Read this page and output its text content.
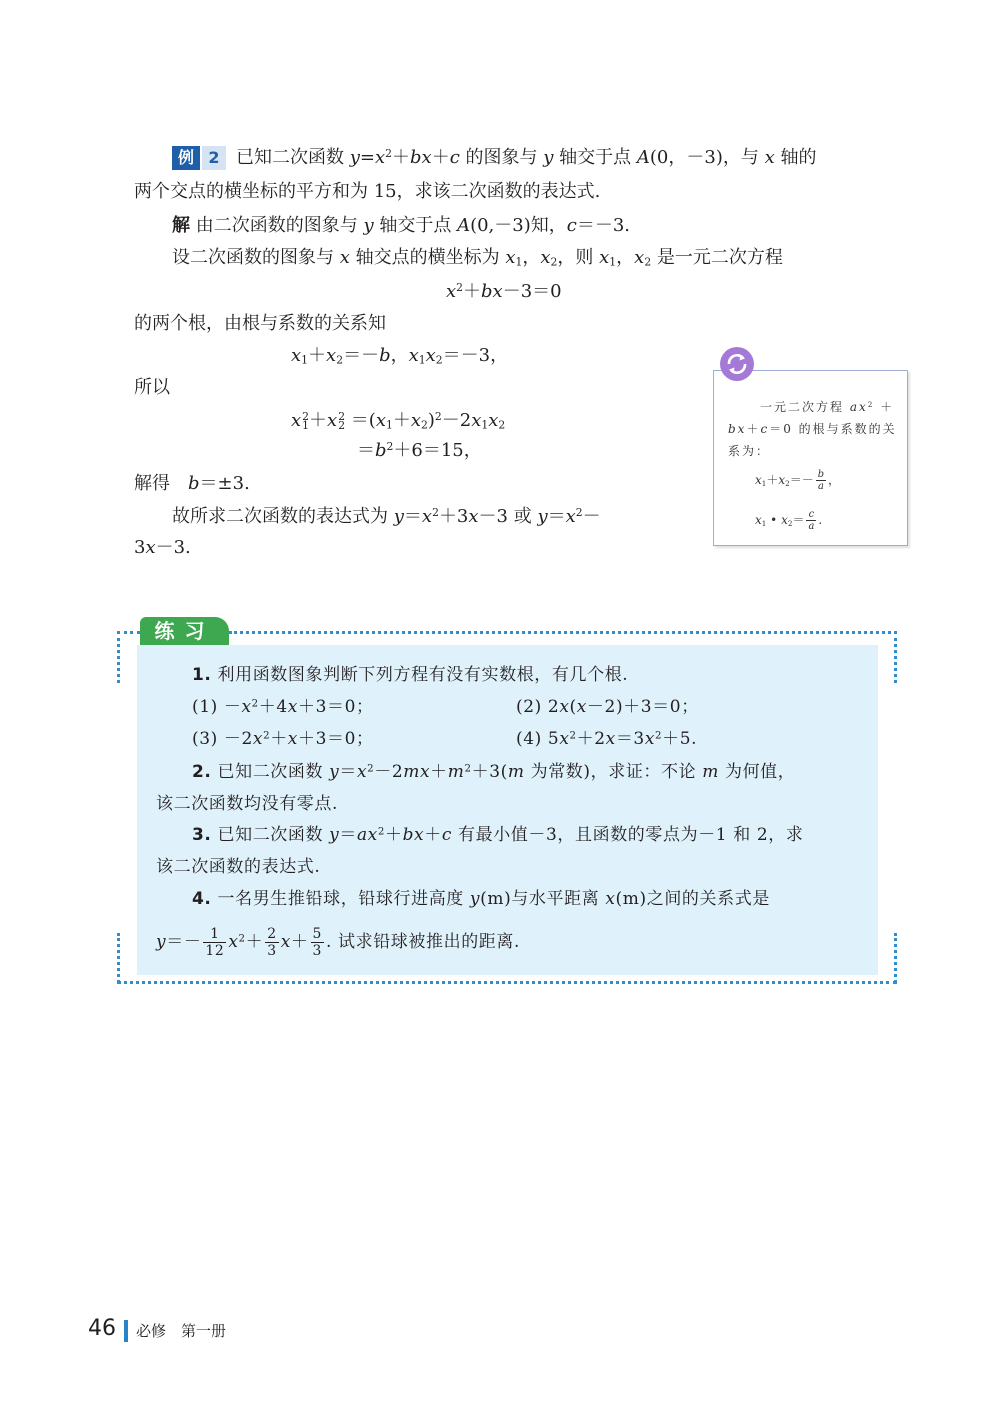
例 2 已知二次函数 $y=x^2+bx+c$ 的图象与 y 轴交于点 A(0，－3)，与 x 轴的
两个交点的横坐标的平方和为 15，求该二次函数的表达式.
解 由二次函数的图象与 y 轴交于点 A(0,－3)知，c＝－3.
设二次函数的图象与 x 轴交点的横坐标为 $x_1$，$x_2$，则 $x_1$，$x_2$ 是一元二次方程
$x^2+bx-3=0$
的两个根，由根与系数的关系知
$x_1+x_2=-b$，$x_1x_2=-3$，
所以
x 2
1 ＋x 2
$2 =(x_1+x_2)^2-2x_1x_2$
$=b^2+6=15$，
解得　b＝±3.
故所求二次函数的表达式为 $y=x^2+3x-3$ 或 $y=x^2-$
3x－3.
一元二次方程 $ax^2$ ＋
bx＋c＝0 的根与系数的关
系为：
$x_1+x_2=- \frac{b}{a}$ ，
$x_1$ • $x_2= \frac{c}{a}$ .
练习
1. 利用函数图象判断下列方程有没有实数根，有几个根.
$(1) -x^2+4x+3=0$；	(2) 2x(x－2)＋3＝0；
$(3) -2x^2+x+3=0$；	(4) $5x^2+2x=3x^2+5$.
2. 已知二次函数 $y=x^2-2mx+m^2+3(m$ 为常数)，求证：不论 m 为何值，
该二次函数均没有零点.
3. 已知二次函数 $y=ax^2+bx+c$ 有最小值－3，且函数的零点为－1 和 2，求
该二次函数的表达式.
4. 一名男生推铅球，铅球行进高度 y(m)与水平距离 x(m)之间的关系式是
$y=- \frac{1}{12} x^2+ \frac{2}{3} x+ \frac{5}{3}$ . 试求铅球被推出的距离.
46 必修　第一册
